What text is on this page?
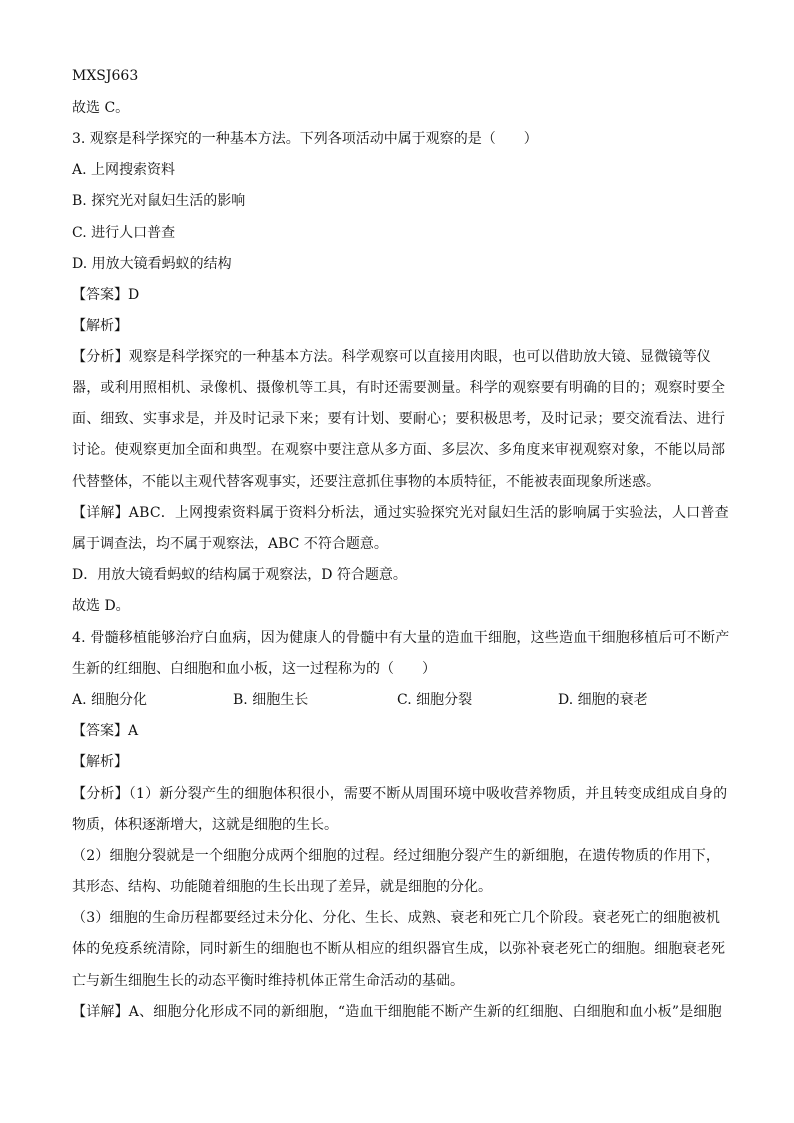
MXSJ663
故选 C。
3. 观察是科学探究的一种基本方法。下列各项活动中属于观察的是（　　）
A. 上网搜索资料
B. 探究光对鼠妇生活的影响
C. 进行人口普查
D. 用放大镜看蚂蚁的结构
【答案】D
【解析】
【分析】观察是科学探究的一种基本方法。科学观察可以直接用肉眼，也可以借助放大镜、显微镜等仪
器，或利用照相机、录像机、摄像机等工具，有时还需要测量。科学的观察要有明确的目的；观察时要全
面、细致、实事求是，并及时记录下来；要有计划、要耐心；要积极思考，及时记录；要交流看法、进行
讨论。使观察更加全面和典型。在观察中要注意从多方面、多层次、多角度来审视观察对象，不能以局部
代替整体，不能以主观代替客观事实，还要注意抓住事物的本质特征，不能被表面现象所迷惑。
【详解】ABC．上网搜索资料属于资料分析法，通过实验探究光对鼠妇生活的影响属于实验法，人口普查
属于调查法，均不属于观察法，ABC 不符合题意。
D．用放大镜看蚂蚁的结构属于观察法，D 符合题意。
故选 D。
4. 骨髓移植能够治疗白血病，因为健康人的骨髓中有大量的造血干细胞，这些造血干细胞移植后可不断产
生新的红细胞、白细胞和血小板，这一过程称为的（　　）
A. 细胞分化	B. 细胞生长	C. 细胞分裂	D. 细胞的衰老
【答案】A
【解析】
【分析】（1）新分裂产生的细胞体积很小，需要不断从周围环境中吸收营养物质，并且转变成组成自身的
物质，体积逐渐增大，这就是细胞的生长。
（2）细胞分裂就是一个细胞分成两个细胞的过程。经过细胞分裂产生的新细胞，在遗传物质的作用下，
其形态、结构、功能随着细胞的生长出现了差异，就是细胞的分化。
（3）细胞的生命历程都要经过未分化、分化、生长、成熟、衰老和死亡几个阶段。衰老死亡的细胞被机
体的免疫系统清除，同时新生的细胞也不断从相应的组织器官生成，以弥补衰老死亡的细胞。细胞衰老死
亡与新生细胞生长的动态平衡时维持机体正常生命活动的基础。
【详解】A、细胞分化形成不同的新细胞，“造血干细胞能不断产生新的红细胞、白细胞和血小板”是细胞
